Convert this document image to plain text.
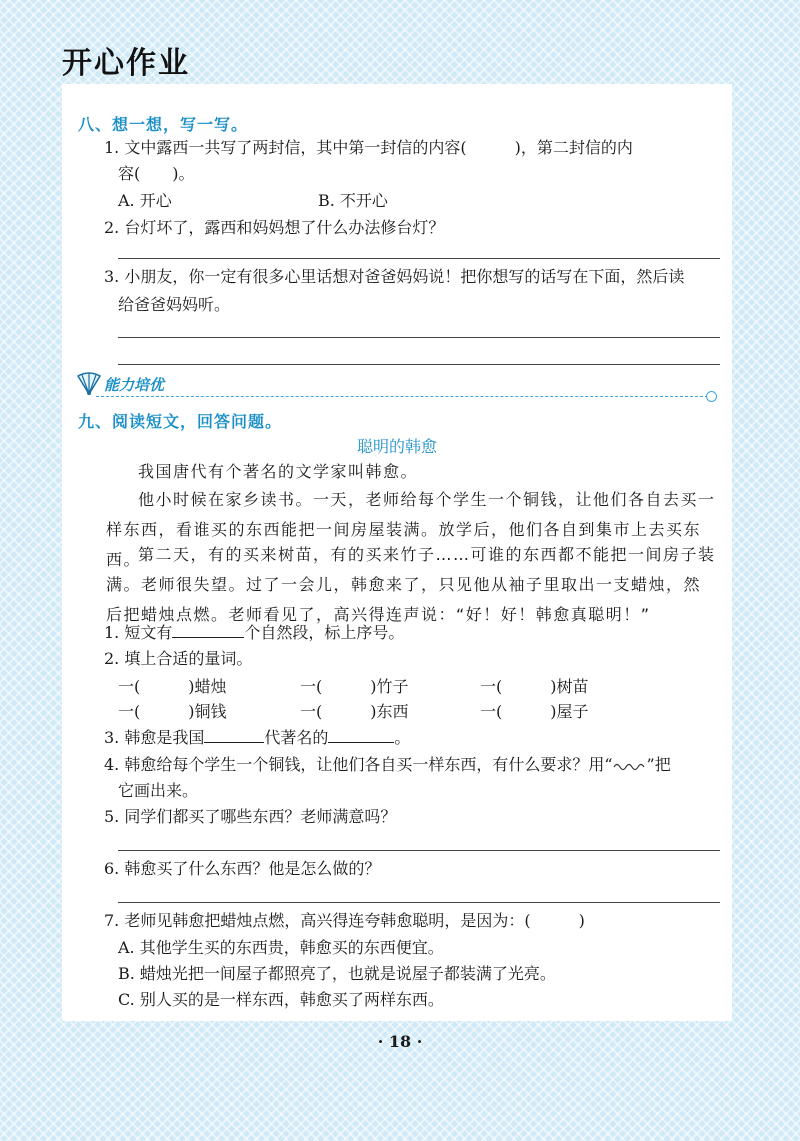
开心作业
八、想一想，写一写。
1. 文中露西一共写了两封信，其中第一封信的内容(　　　)，第二封信的内
容(　　)。
A. 开心	B. 不开心
2. 台灯坏了，露西和妈妈想了什么办法修台灯？
3. 小朋友，你一定有很多心里话想对爸爸妈妈说！把你想写的话写在下面，然后读
给爸爸妈妈听。
能力培优
九、阅读短文，回答问题。
聪明的韩愈
我国唐代有个著名的文学家叫韩愈。
他小时候在家乡读书。一天，老师给每个学生一个铜钱，让他们各自去买一样东西，看谁买的东西能把一间房屋装满。放学后，他们各自到集市上去买东西。
第二天，有的买来树苗，有的买来竹子……可谁的东西都不能把一间房子装满。老师很失望。过了一会儿，韩愈来了，只见他从袖子里取出一支蜡烛，然后把蜡烛点燃。老师看见了，高兴得连声说：“好！好！韩愈真聪明！”
1. 短文有	个自然段，标上序号。
2. 填上合适的量词。
一(　　　)蜡烛	一(　　　)竹子	一(　　　)树苗
一(　　　)铜钱	一(　　　)东西	一(　　　)屋子
3. 韩愈是我国	代著名的	。
4. 韩愈给每个学生一个铜钱，让他们各自买一样东西，有什么要求？用“ ”把
它画出来。
5. 同学们都买了哪些东西？老师满意吗？
6. 韩愈买了什么东西？他是怎么做的？
7. 老师见韩愈把蜡烛点燃，高兴得连夸韩愈聪明，是因为：(　　　)
A. 其他学生买的东西贵，韩愈买的东西便宜。
B. 蜡烛光把一间屋子都照亮了，也就是说屋子都装满了光亮。
C. 别人买的是一样东西，韩愈买了两样东西。
· 18 ·
